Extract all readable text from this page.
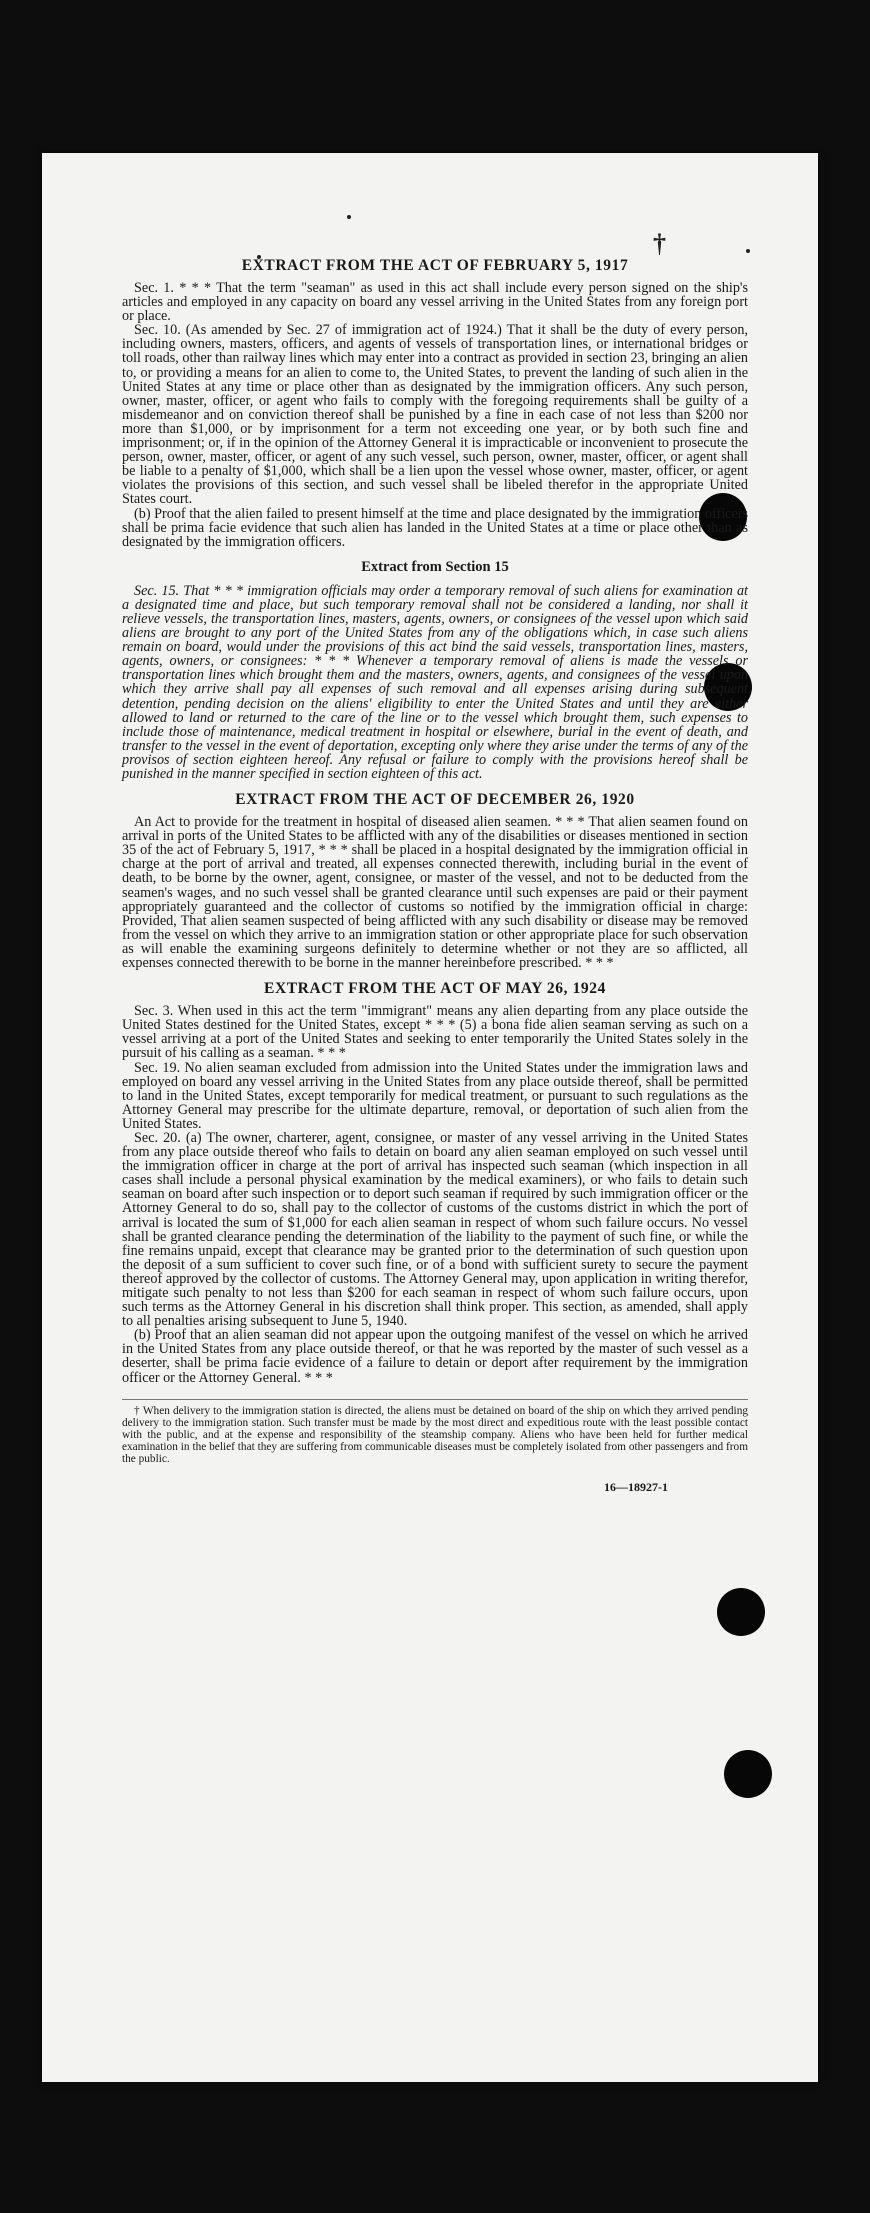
†
EXTRACT FROM THE ACT OF FEBRUARY 5, 1917

Sec. 1. * * * That the term "seaman" as used in this act shall include every person signed on the ship's articles and employed in any capacity on board any vessel arriving in the United States from any foreign port or place.

Sec. 10. (As amended by Sec. 27 of immigration act of 1924.) That it shall be the duty of every person, including owners, masters, officers, and agents of vessels of transportation lines, or international bridges or toll roads, other than railway lines which may enter into a contract as provided in section 23, bringing an alien to, or providing a means for an alien to come to, the United States, to prevent the landing of such alien in the United States at any time or place other than as designated by the immigration officers. Any such person, owner, master, officer, or agent who fails to comply with the foregoing requirements shall be guilty of a misdemeanor and on conviction thereof shall be punished by a fine in each case of not less than $200 nor more than $1,000, or by imprisonment for a term not exceeding one year, or by both such fine and imprisonment; or, if in the opinion of the Attorney General it is impracticable or inconvenient to prosecute the person, owner, master, officer, or agent of any such vessel, such person, owner, master, officer, or agent shall be liable to a penalty of $1,000, which shall be a lien upon the vessel whose owner, master, officer, or agent violates the provisions of this section, and such vessel shall be libeled therefor in the appropriate United States court.

(b) Proof that the alien failed to present himself at the time and place designated by the immigration officers shall be prima facie evidence that such alien has landed in the United States at a time or place other than as designated by the immigration officers.

Extract from Section 15

Sec. 15. That * * * immigration officials may order a temporary removal of such aliens for examination at a designated time and place, but such temporary removal shall not be considered a landing, nor shall it relieve vessels, the transportation lines, masters, agents, owners, or consignees of the vessel upon which said aliens are brought to any port of the United States from any of the obligations which, in case such aliens remain on board, would under the provisions of this act bind the said vessels, transportation lines, masters, agents, owners, or consignees: * * * Whenever a temporary removal of aliens is made the vessels or transportation lines which brought them and the masters, owners, agents, and consignees of the vessel upon which they arrive shall pay all expenses of such removal and all expenses arising during subsequent detention, pending decision on the aliens' eligibility to enter the United States and until they are either allowed to land or returned to the care of the line or to the vessel which brought them, such expenses to include those of maintenance, medical treatment in hospital or elsewhere, burial in the event of death, and transfer to the vessel in the event of deportation, excepting only where they arise under the terms of any of the provisos of section eighteen hereof. Any refusal or failure to comply with the provisions hereof shall be punished in the manner specified in section eighteen of this act.

EXTRACT FROM THE ACT OF DECEMBER 26, 1920

An Act to provide for the treatment in hospital of diseased alien seamen. * * * That alien seamen found on arrival in ports of the United States to be afflicted with any of the disabilities or diseases mentioned in section 35 of the act of February 5, 1917, * * * shall be placed in a hospital designated by the immigration official in charge at the port of arrival and treated, all expenses connected therewith, including burial in the event of death, to be borne by the owner, agent, consignee, or master of the vessel, and not to be deducted from the seamen's wages, and no such vessel shall be granted clearance until such expenses are paid or their payment appropriately guaranteed and the collector of customs so notified by the immigration official in charge: Provided, That alien seamen suspected of being afflicted with any such disability or disease may be removed from the vessel on which they arrive to an immigration station or other appropriate place for such observation as will enable the examining surgeons definitely to determine whether or not they are so afflicted, all expenses connected therewith to be borne in the manner hereinbefore prescribed. * * *

EXTRACT FROM THE ACT OF MAY 26, 1924

Sec. 3. When used in this act the term "immigrant" means any alien departing from any place outside the United States destined for the United States, except * * * (5) a bona fide alien seaman serving as such on a vessel arriving at a port of the United States and seeking to enter temporarily the United States solely in the pursuit of his calling as a seaman. * * *

Sec. 19. No alien seaman excluded from admission into the United States under the immigration laws and employed on board any vessel arriving in the United States from any place outside thereof, shall be permitted to land in the United States, except temporarily for medical treatment, or pursuant to such regulations as the Attorney General may prescribe for the ultimate departure, removal, or deportation of such alien from the United States.

Sec. 20. (a) The owner, charterer, agent, consignee, or master of any vessel arriving in the United States from any place outside thereof who fails to detain on board any alien seaman employed on such vessel until the immigration officer in charge at the port of arrival has inspected such seaman (which inspection in all cases shall include a personal physical examination by the medical examiners), or who fails to detain such seaman on board after such inspection or to deport such seaman if required by such immigration officer or the Attorney General to do so, shall pay to the collector of customs of the customs district in which the port of arrival is located the sum of $1,000 for each alien seaman in respect of whom such failure occurs. No vessel shall be granted clearance pending the determination of the liability to the payment of such fine, or while the fine remains unpaid, except that clearance may be granted prior to the determination of such question upon the deposit of a sum sufficient to cover such fine, or of a bond with sufficient surety to secure the payment thereof approved by the collector of customs. The Attorney General may, upon application in writing therefor, mitigate such penalty to not less than $200 for each seaman in respect of whom such failure occurs, upon such terms as the Attorney General in his discretion shall think proper. This section, as amended, shall apply to all penalties arising subsequent to June 5, 1940.

(b) Proof that an alien seaman did not appear upon the outgoing manifest of the vessel on which he arrived in the United States from any place outside thereof, or that he was reported by the master of such vessel as a deserter, shall be prima facie evidence of a failure to detain or deport after requirement by the immigration officer or the Attorney General. * * *

† When delivery to the immigration station is directed, the aliens must be detained on board of the ship on which they arrived pending delivery to the immigration station. Such transfer must be made by the most direct and expeditious route with the least possible contact with the public, and at the expense and responsibility of the steamship company. Aliens who have been held for further medical examination in the belief that they are suffering from communicable diseases must be completely isolated from other passengers and from the public.

16—18927-1
